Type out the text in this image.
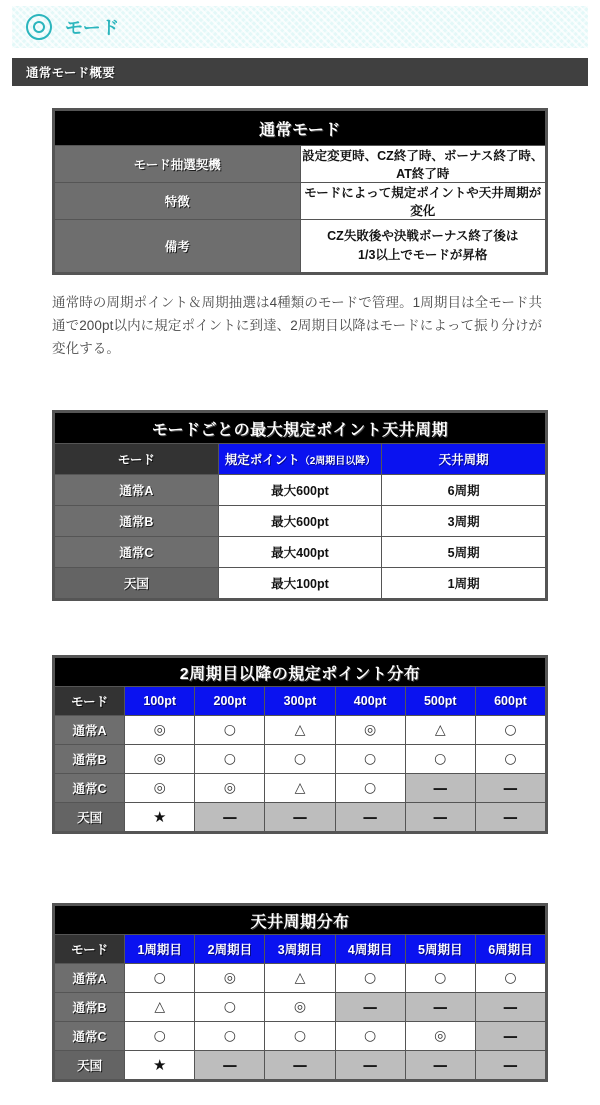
モード
通常モード概要
通常モード	
モード抽選契機	設定変更時、CZ終了時、ボーナス終了時、AT終了時
特徴	モードによって規定ポイントや天井周期が変化
備考	CZ失敗後や決戦ボーナス終了後は
1/3以上でモードが昇格

通常時の周期ポイント＆周期抽選は4種類のモードで管理。1周期目は全モード共通で200pt以内に規定ポイントに到達、2周期目以降はモードによって振り分けが変化する。

モードごとの最大規定ポイント天井周期		
モード	規定ポイント（2周期目以降）	天井周期
通常A	最大600pt	6周期
通常B	最大600pt	3周期
通常C	最大400pt	5周期
天国	最大100pt	1周期
2周期目以降の規定ポイント分布						
モード	100pt	200pt	300pt	400pt	500pt	600pt
通常A	◎	○	△	◎	△	○
通常B	◎	○	○	○	○	○
通常C	◎	◎	△	○	—	—
天国	★	—	—	—	—	—
天井周期分布						
モード	1周期目	2周期目	3周期目	4周期目	5周期目	6周期目
通常A	○	◎	△	○	○	○
通常B	△	○	◎	—	—	—
通常C	○	○	○	○	◎	—
天国	★	—	—	—	—	—
